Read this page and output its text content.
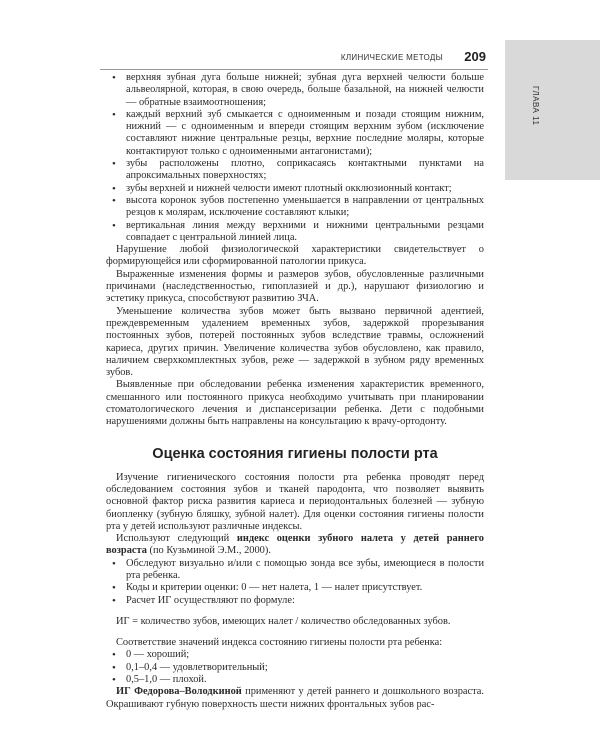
ГЛАВА 11
КЛИНИЧЕСКИЕ МЕТОДЫ 209
• верхняя зубная дуга больше нижней; зубная дуга верхней челюсти больше альвеолярной, которая, в свою очередь, больше базальной, на нижней челюсти — обратные взаимоотношения;
• каждый верхний зуб смыкается с одноименным и позади стоящим нижним, нижний — с одноименным и впереди стоящим верхним зубом (исключение составляют нижние центральные резцы, верхние последние моляры, которые контактируют только с одноименными антагонистами);
• зубы расположены плотно, соприкасаясь контактными пунктами на апроксимальных поверхностях;
• зубы верхней и нижней челюсти имеют плотный окклюзионный контакт;
• высота коронок зубов постепенно уменьшается в направлении от центральных резцов к молярам, исключение составляют клыки;
• вертикальная линия между верхними и нижними центральными резцами совпадает с центральной линией лица.

Нарушение любой физиологической характеристики свидетельствует о формирующейся или сформированной патологии прикуса.

Выраженные изменения формы и размеров зубов, обусловленные различными причинами (наследственностью, гипоплазией и др.), нарушают физиологию и эстетику прикуса, способствуют развитию ЗЧА.

Уменьшение количества зубов может быть вызвано первичной адентией, преждевременным удалением временных зубов, задержкой прорезывания постоянных зубов, потерей постоянных зубов вследствие травмы, осложнений кариеса, других причин. Увеличение количества зубов обусловлено, как правило, наличием сверхкомплектных зубов, реже — задержкой в зубном ряду временных зубов.

Выявленные при обследовании ребенка изменения характеристик временного, смешанного или постоянного прикуса необходимо учитывать при планировании стоматологического лечения и диспансеризации ребенка. Дети с подобными нарушениями должны быть направлены на консультацию к врачу-ортодонту.

Оценка состояния гигиены полости рта

Изучение гигиенического состояния полости рта ребенка проводят перед обследованием состояния зубов и тканей пародонта, что позволяет выявить основной фактор риска развития кариеса и периодонтальных болезней — зубную биопленку (зубную бляшку, зубной налет). Для оценки состояния гигиены полости рта у детей используют различные индексы.

Используют следующий индекс оценки зубного налета у детей раннего возраста (по Кузьминой Э.М., 2000).

• Обследуют визуально и/или с помощью зонда все зубы, имеющиеся в полости рта ребенка.
• Коды и критерии оценки: 0 — нет налета, 1 — налет присутствует.
• Расчет ИГ осуществляют по формуле:
ИГ = количество зубов, имеющих налет / количество обследованных зубов.

Соответствие значений индекса состоянию гигиены полости рта ребенка:

• 0 — хороший;
• 0,1–0,4 — удовлетворительный;
• 0,5–1,0 — плохой.

ИГ Федорова–Володкиной применяют у детей раннего и дошкольного возраста. Окрашивают губную поверхность шести нижних фронтальных зубов рас-
